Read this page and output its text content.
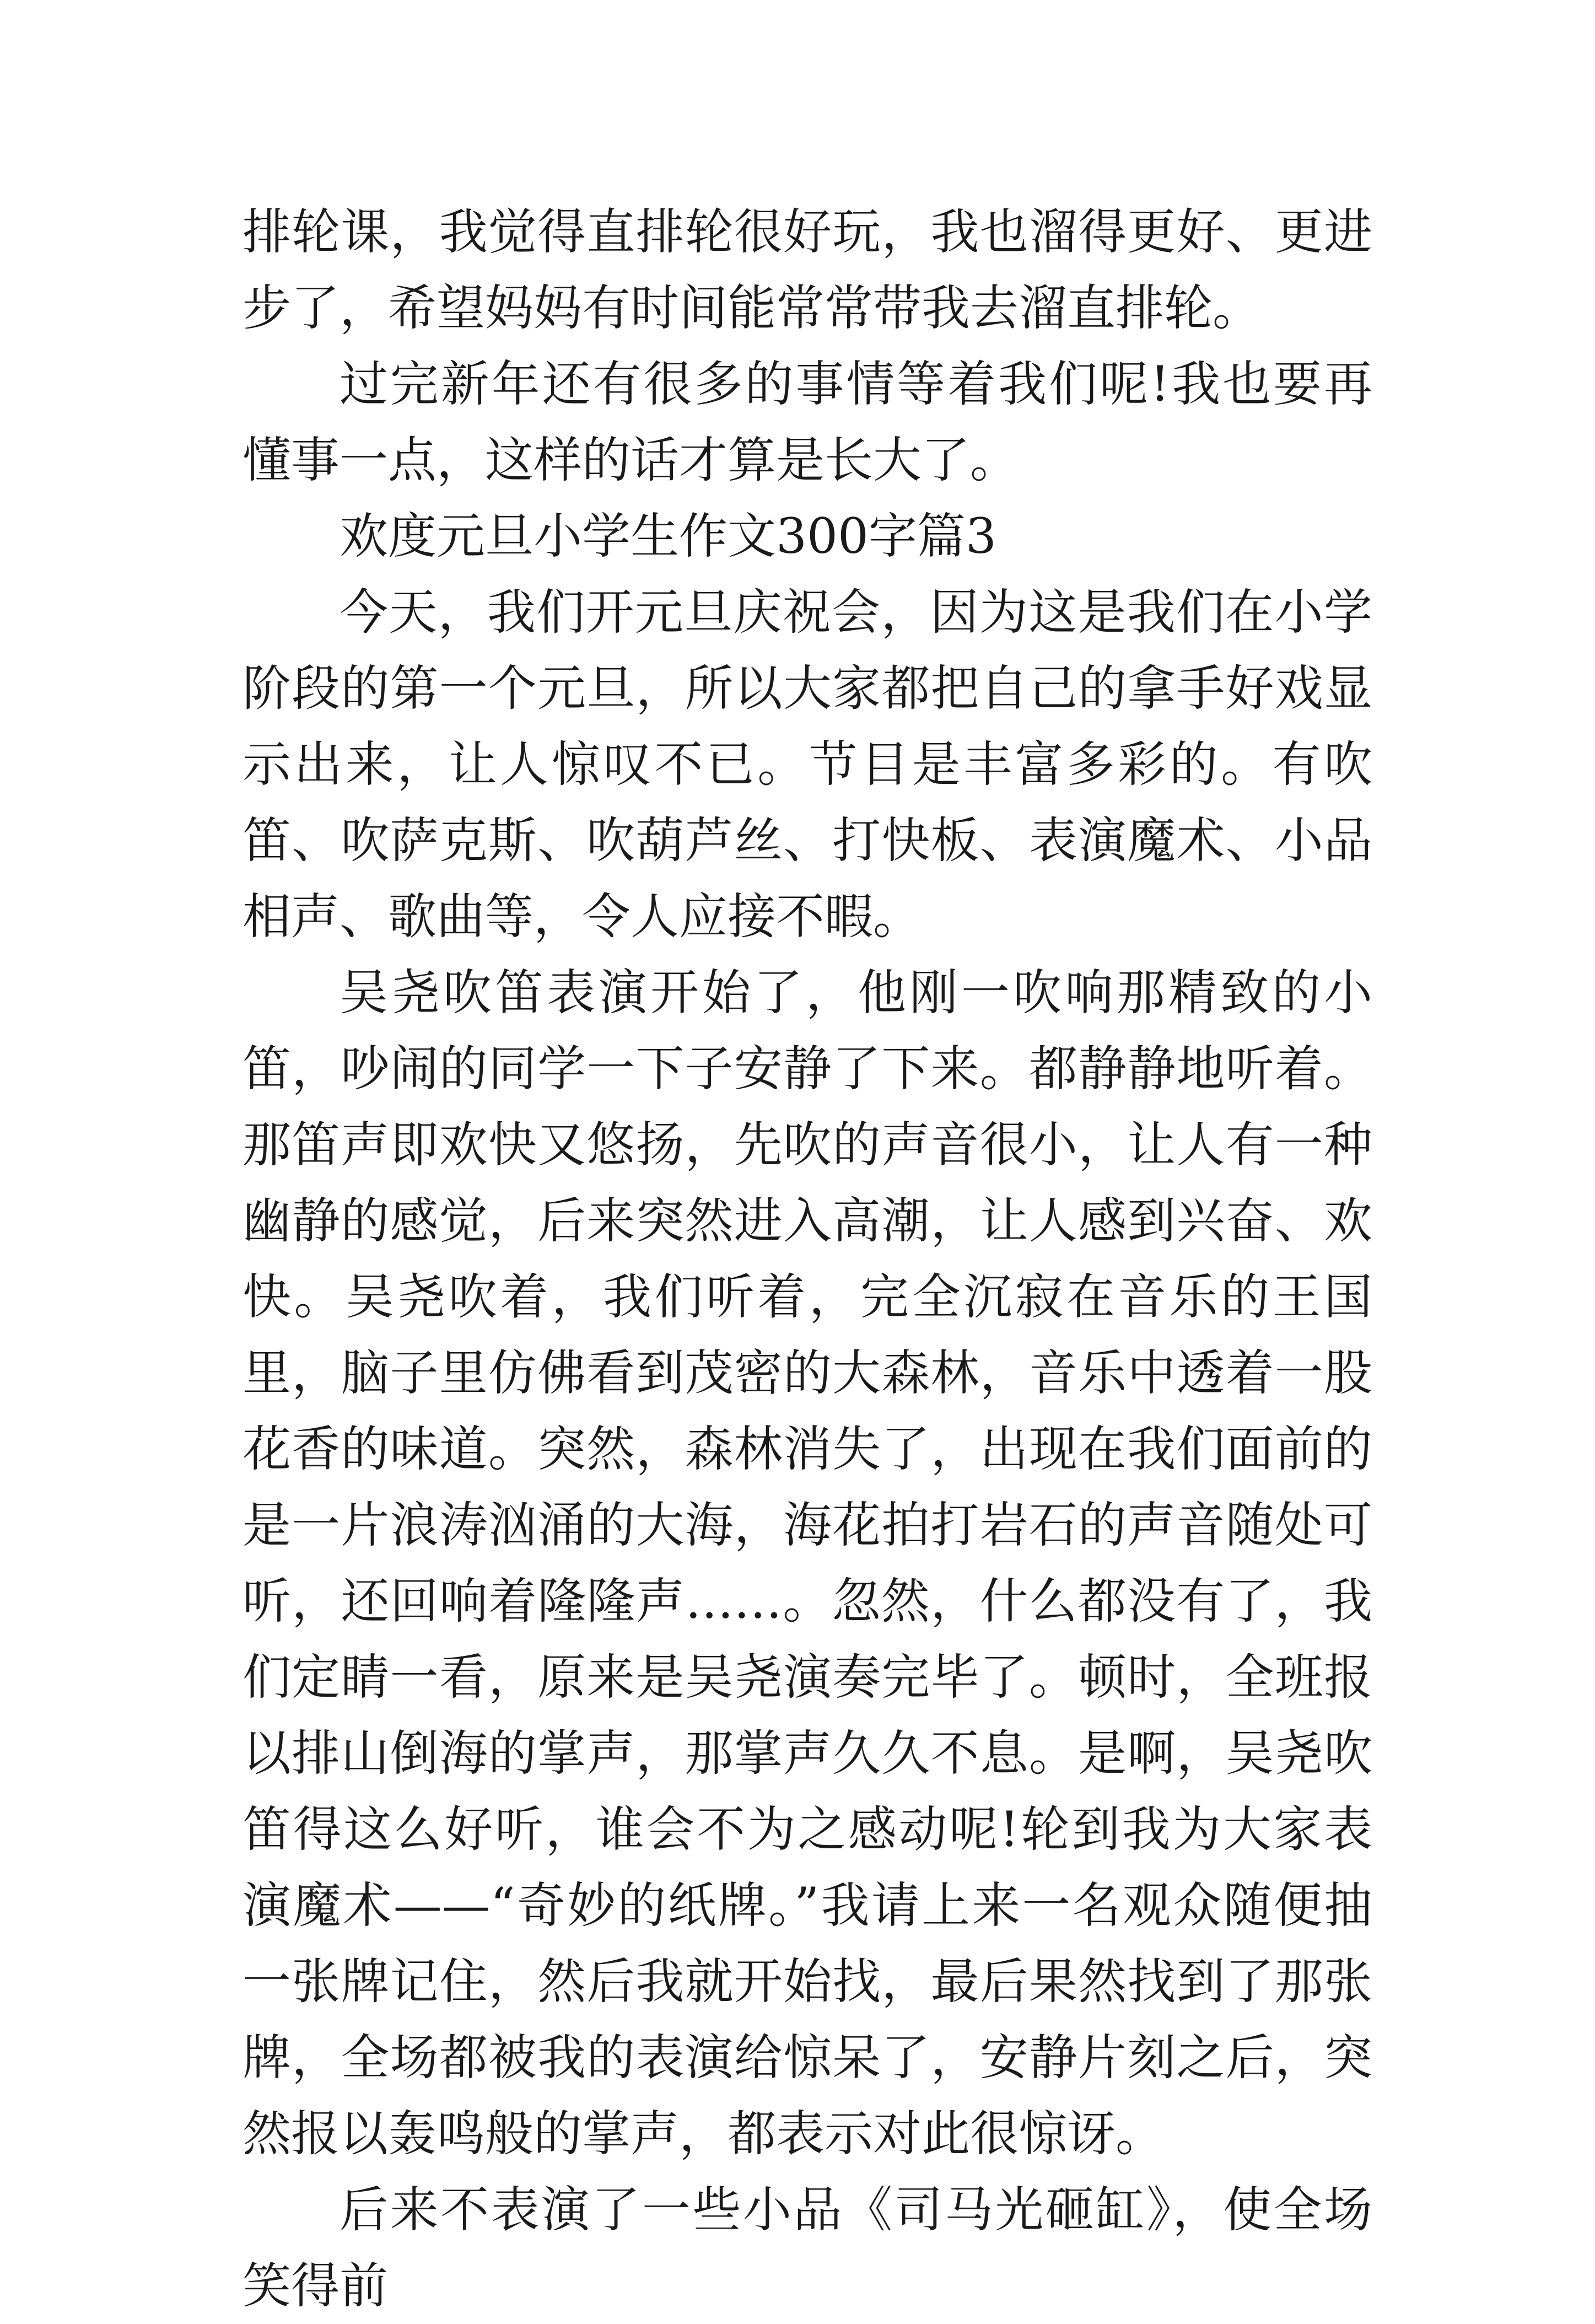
排轮课，我觉得直排轮很好玩，我也溜得更好、更进步了，希望妈妈有时间能常常带我去溜直排轮。

过完新年还有很多的事情等着我们呢!我也要再懂事一点，这样的话才算是长大了。

欢度元旦小学生作文300字篇3

今天，我们开元旦庆祝会，因为这是我们在小学阶段的第一个元旦，所以大家都把自己的拿手好戏显示出来，让人惊叹不已。节目是丰富多彩的。有吹笛、吹萨克斯、吹葫芦丝、打快板、表演魔术、小品相声、歌曲等，令人应接不暇。

吴尧吹笛表演开始了，他刚一吹响那精致的小笛，吵闹的同学一下子安静了下来。都静静地听着。那笛声即欢快又悠扬，先吹的声音很小，让人有一种幽静的感觉，后来突然进入高潮，让人感到兴奋、欢快。吴尧吹着，我们听着，完全沉寂在音乐的王国里，脑子里仿佛看到茂密的大森林，音乐中透着一股花香的味道。突然，森林消失了，出现在我们面前的是一片浪涛汹涌的大海，海花拍打岩石的声音随处可听，还回响着隆隆声……。忽然，什么都没有了，我们定睛一看，原来是吴尧演奏完毕了。顿时，全班报以排山倒海的掌声，那掌声久久不息。是啊，吴尧吹笛得这么好听，谁会不为之感动呢!轮到我为大家表演魔术——“奇妙的纸牌。”我请上来一名观众随便抽一张牌记住，然后我就开始找，最后果然找到了那张牌，全场都被我的表演给惊呆了，安静片刻之后，突然报以轰鸣般的掌声，都表示对此很惊讶。

后来不表演了一些小品《司马光砸缸》，使全场笑得前
